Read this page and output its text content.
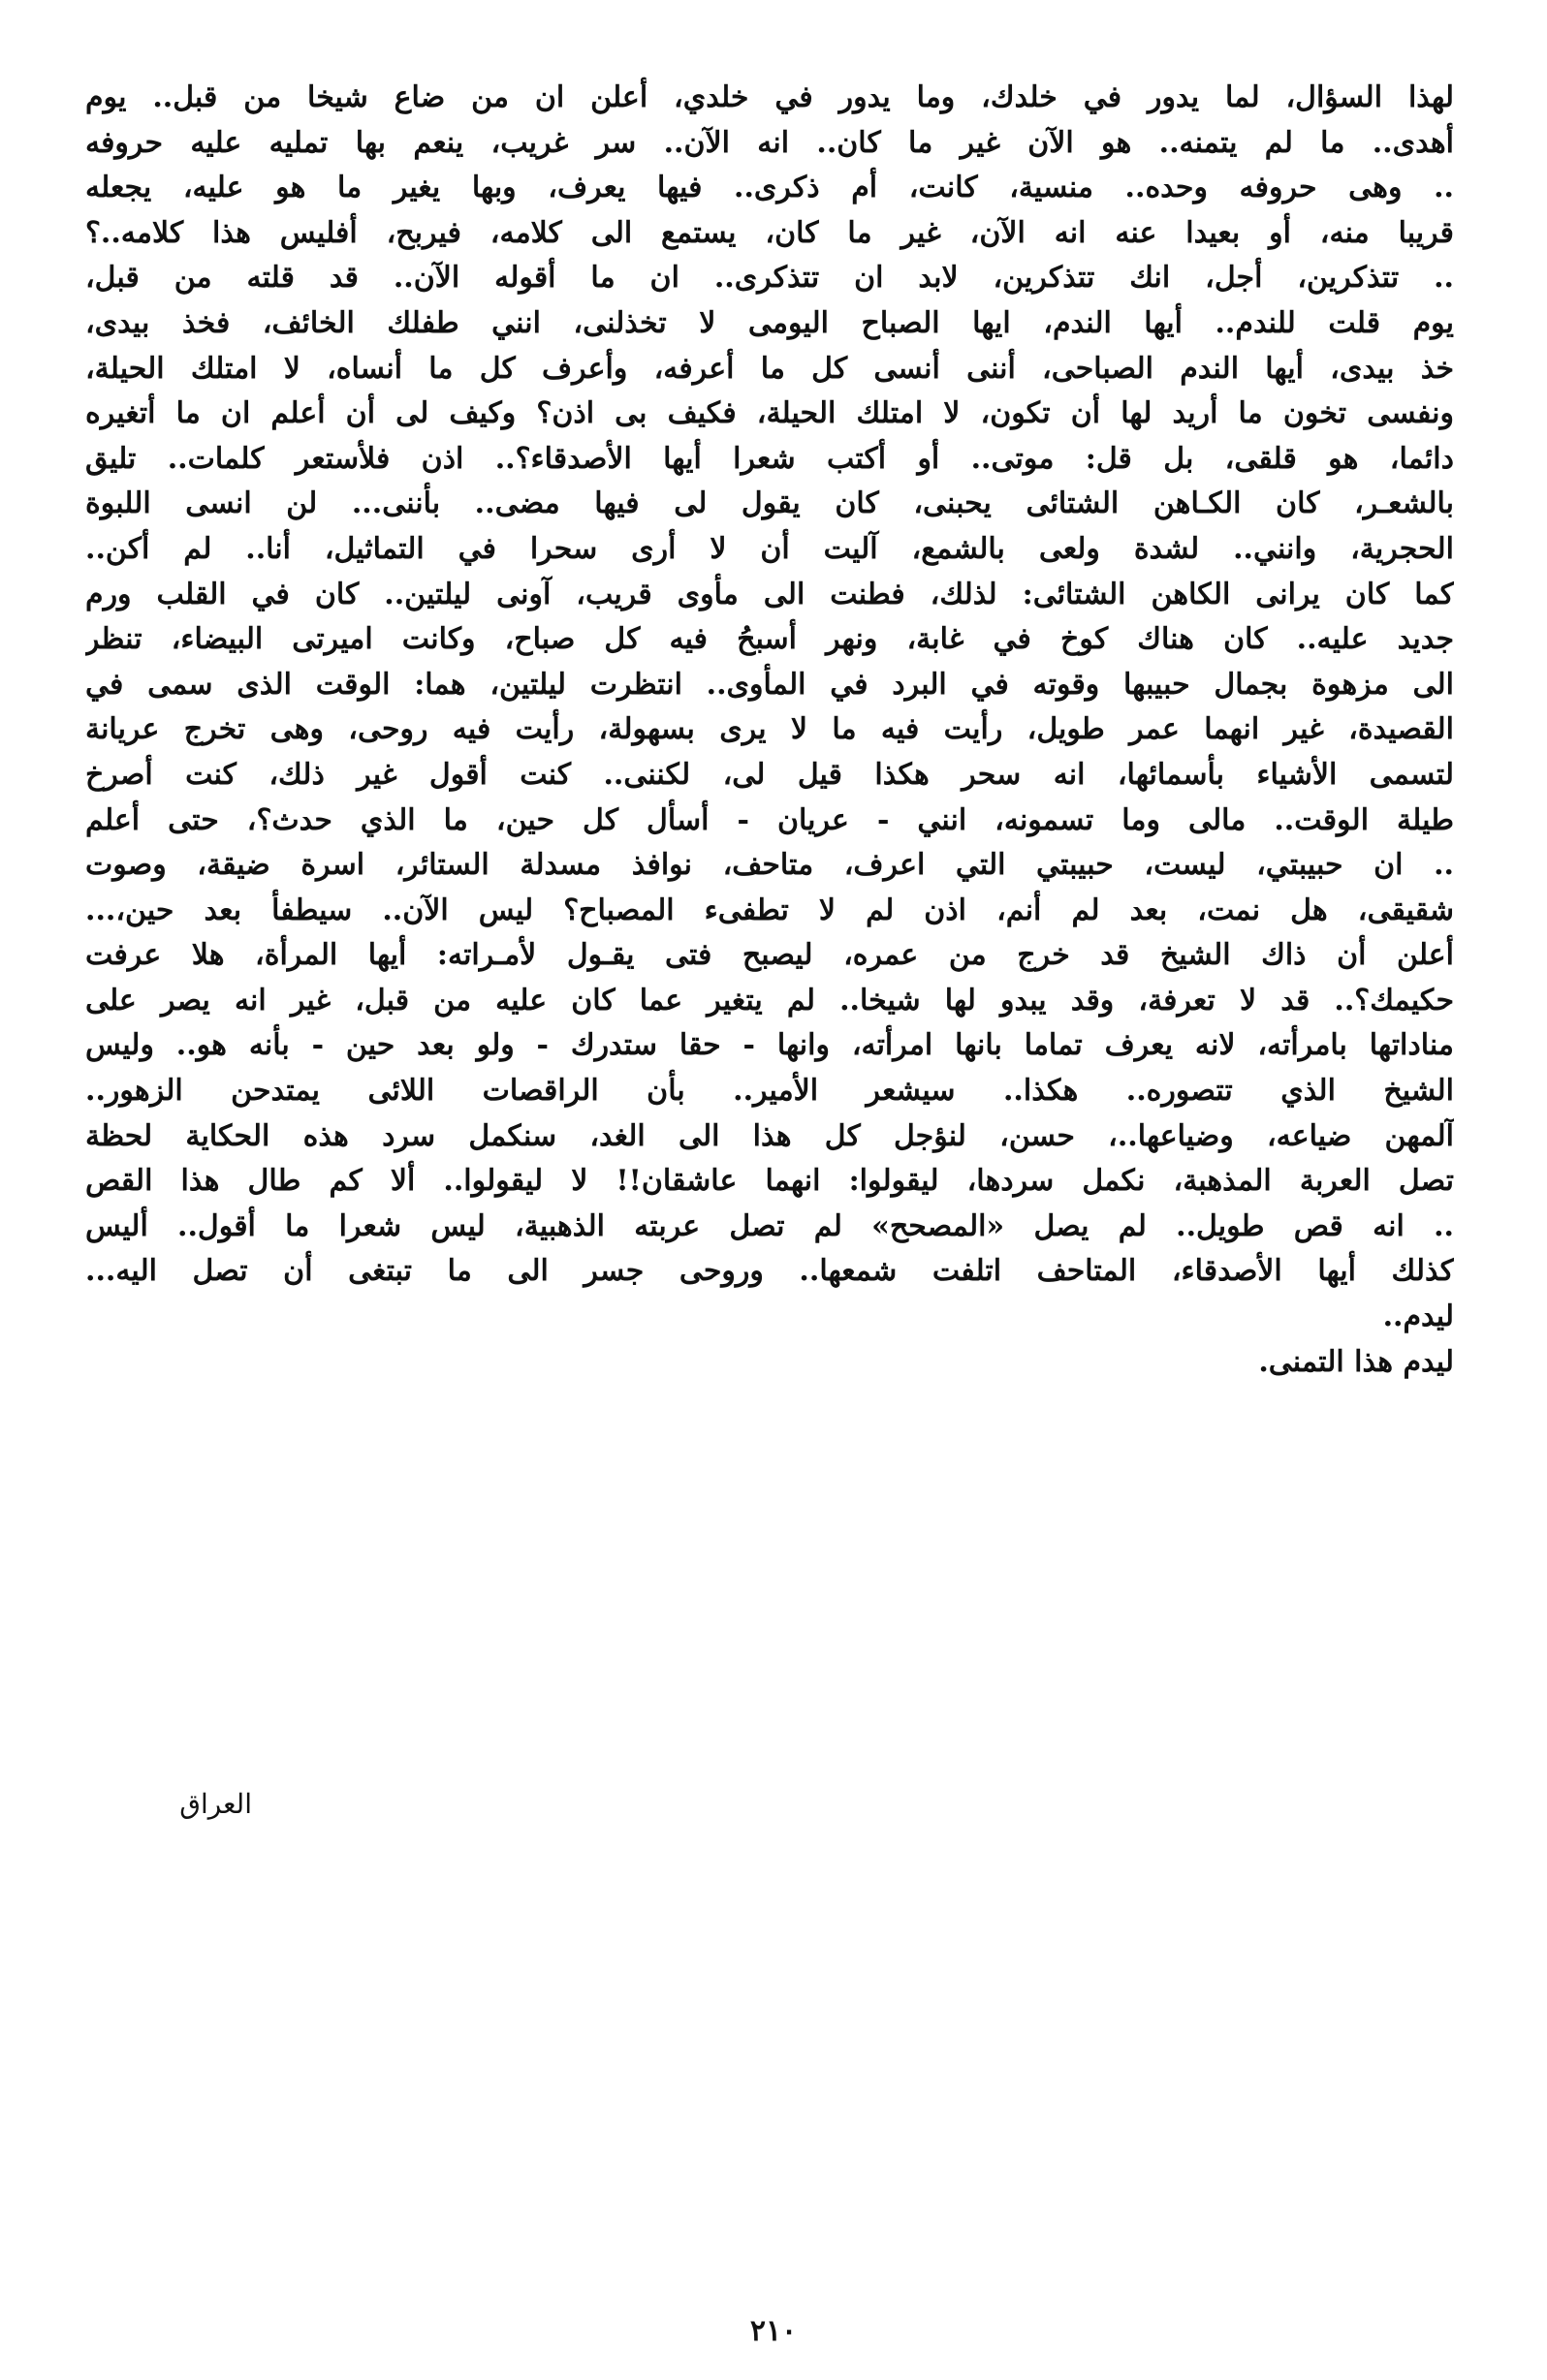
لهذا السؤال، لما يدور في خلدك، وما يدور في خلدي، أعلن ان من ضاع شيخا من قبل.. يوم
أهدى.. ما لم يتمنه.. هو الآن غير ما كان.. انه الآن.. سر غريب، ينعم بها تمليه عليه حروفه
.. وهى حروفه وحده.. منسية، كانت، أم ذكرى.. فيها يعرف، وبها يغير ما هو عليه، يجعله
قريبا منه، أو بعيدا عنه انه الآن، غير ما كان، يستمع الى كلامه، فيربح، أفليس هذا كلامه..؟
.. تتذكرين، أجل، انك تتذكرين، لابد ان تتذكرى.. ان ما أقوله الآن.. قد قلته من قبل،
يوم قلت للندم.. أيها الندم، ايها الصباح اليومى لا تخذلنى، انني طفلك الخائف، فخذ بيدى،
خذ بيدى، أيها الندم الصباحى، أننى أنسى كل ما أعرفه، وأعرف كل ما أنساه، لا امتلك الحيلة،
ونفسى تخون ما أريد لها أن تكون، لا امتلك الحيلة، فكيف بى اذن؟ وكيف لى أن أعلم ان ما أتغيره
دائما، هو قلقى، بل قل: موتى.. أو أكتب شعرا أيها الأصدقاء؟.. اذن فلأستعر كلمات.. تليق
بالشعـر، كان الكـاهن الشتائى يحبنى، كان يقول لى فيها مضى.. بأننى... لن انسى اللبوة
الحجرية، وانني.. لشدة ولعى بالشمع، آليت أن لا أرى سحرا في التماثيل، أنا.. لم أكن..
كما كان يرانى الكاهن الشتائى: لذلك، فطنت الى مأوى قريب، آونى ليلتين.. كان في القلب ورم
جديد عليه.. كان هناك كوخ في غابة، ونهر أسبحُ فيه كل صباح، وكانت اميرتى البيضاء، تنظر
الى مزهوة بجمال حبيبها وقوته في البرد في المأوى.. انتظرت ليلتين، هما: الوقت الذى سمى في
القصيدة، غير انهما عمر طويل، رأيت فيه ما لا يرى بسهولة، رأيت فيه روحى، وهى تخرج عريانة
لتسمى الأشياء بأسمائها، انه سحر هكذا قيل لى، لكننى.. كنت أقول غير ذلك، كنت أصرخ
طيلة الوقت.. مالى وما تسمونه، انني - عريان - أسأل كل حين، ما الذي حدث؟، حتى أعلم
.. ان حبيبتي، ليست، حبيبتي التي اعرف، متاحف، نوافذ مسدلة الستائر، اسرة ضيقة، وصوت
شقيقى، هل نمت، بعد لم أنم، اذن لم لا تطفىء المصباح؟ ليس الآن.. سيطفأ بعد حين،...
أعلن أن ذاك الشيخ قد خرج من عمره، ليصبح فتى يقـول لأمـراته: أيها المرأة، هلا عرفت
حكيمك؟.. قد لا تعرفة، وقد يبدو لها شيخا.. لم يتغير عما كان عليه من قبل، غير انه يصر على
مناداتها بامرأته، لانه يعرف تماما بانها امرأته، وانها - حقا ستدرك - ولو بعد حين - بأنه هو.. وليس
الشيخ الذي تتصوره.. هكذا.. سيشعر الأمير.. بأن الراقصات اللائى يمتدحن الزهور..
آلمهن ضياعه، وضياعها..، حسن، لنؤجل كل هذا الى الغد، سنكمل سرد هذه الحكاية لحظة
تصل العربة المذهبة، نكمل سردها، ليقولوا: انهما عاشقان!! لا ليقولوا.. ألا كم طال هذا القص
.. انه قص طويل.. لم يصل «المصحح» لم تصل عربته الذهبية، ليس شعرا ما أقول.. أليس
كذلك أيها الأصدقاء، المتاحف اتلفت شمعها.. وروحى جسر الى ما تبتغى أن تصل اليه...
ليدم..
ليدم هذا التمنى.
العراق
٢١٠
